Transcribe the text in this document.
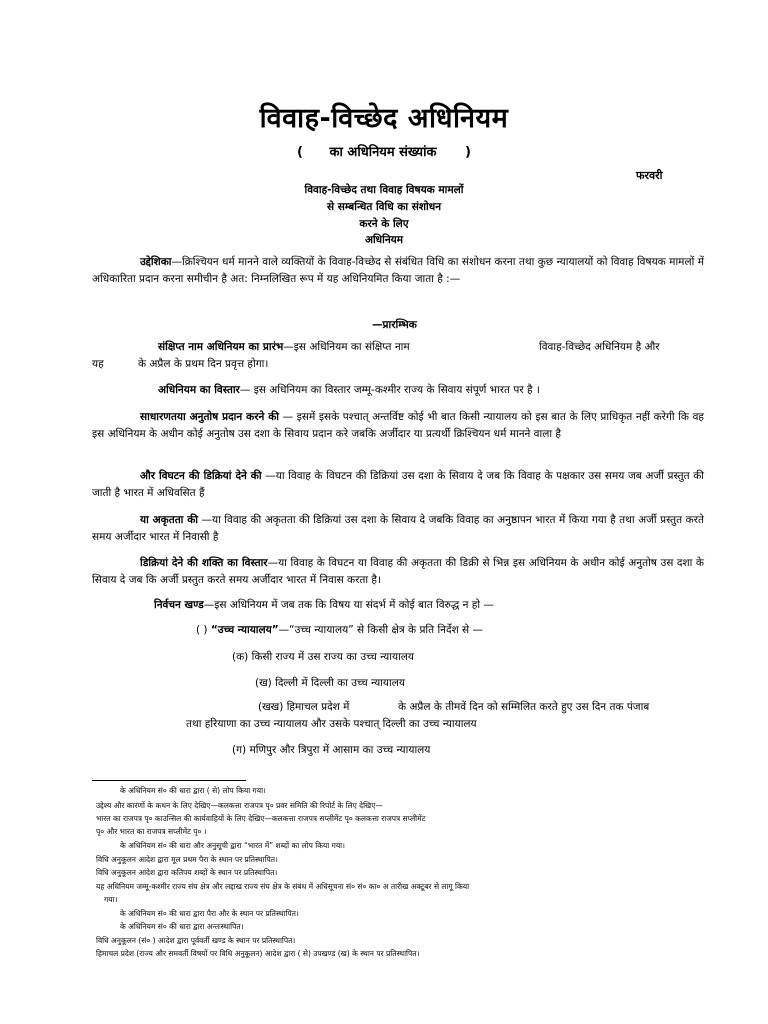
विवाह-विच्छेद अधिनियम
( का अधिनियम संख्यांक )
फरवरी
विवाह-विच्छेद तथा विवाह विषयक मामलों
से सम्बन्धित विधि का संशोधन
करने के लिए
अधिनियम
उद्देशिका—क्रिश्चियन धर्म मानने वाले व्यक्तियों के विवाह-विच्छेद से संबंधित विधि का संशोधन करना तथा कुछ न्यायालयों को विवाह विषयक मामलों में अधिकारिता प्रदान करना समीचीन है अत: निम्नलिखित रूप में यह अधिनियमित किया जाता है :—
—प्रारम्भिक
संक्षिप्त नाम अधिनियम का प्रारंभ—इस अधिनियम का संक्षिप्त नाम	विवाह-विच्छेद अधिनियम है और
यह	के अप्रैल के प्रथम दिन प्रवृत्त होगा।
अधिनियम का विस्तार— इस अधिनियम का विस्तार जम्मू-कश्मीर राज्य के सिवाय संपूर्ण भारत पर है ।
साधारणतया अनुतोष प्रदान करने की — इसमें इसके पश्चात् अन्तर्विष्ट कोई भी बात किसी न्यायालय को इस बात के लिए प्राधिकृत नहीं करेगी कि वह इस अधिनियम के अधीन कोई अनुतोष उस दशा के सिवाय प्रदान करे जबकि अर्जीदार या प्रत्यर्थी क्रिश्चियन धर्म मानने वाला है
और विघटन की डिक्रियां देने की —या विवाह के विघटन की डिक्रियां उस दशा के सिवाय दे जब कि विवाह के पक्षकार उस समय जब अर्जी प्रस्तुत की जाती है भारत में अधिवसित हैं
या अकृतता की —या विवाह की अकृतता की डिक्रियां उस दशा के सिवाय दे जबकि विवाह का अनुष्ठापन भारत में किया गया है तथा अर्जी प्रस्तुत करते समय अर्जीदार भारत में निवासी है
डिक्रियां देने की शक्ति का विस्तार—या विवाह के विघटन या विवाह की अकृतता की डिक्री से भिन्न इस अधिनियम के अधीन कोई अनुतोष उस दशा के सिवाय दे जब कि अर्जी प्रस्तुत करते समय अर्जीदार भारत में निवास करता है।
निर्वचन खण्ड—इस अधिनियम में जब तक कि विषय या संदर्भ में कोई बात विरुद्ध न हो —
( ) “उच्च न्यायालय”—“उच्च न्यायालय” से किसी क्षेत्र के प्रति निर्देश से —
(क) किसी राज्य में उस राज्य का उच्च न्यायालय
(ख) दिल्ली में दिल्ली का उच्च न्यायालय
(खख) हिमाचल प्रदेश में	के अप्रैल के तीमवें दिन को सम्मिलित करते हुए उस दिन तक पंजाब
तथा हरियाणा का उच्च न्यायालय और उसके पश्चात् दिल्ली का उच्च न्यायालय
(ग) मणिपुर और त्रिपुरा में आसाम का उच्च न्यायालय
के अधिनियम सं० की धारा द्वारा ( से) लोप किया गया।
उद्देश्य और कारणों के कथन के लिए देखिए—कलकत्ता राजपत्र पृ० प्रवर समिति की रिपोर्ट के लिए देखिए—
भारत का राजपत्र पृ० काउन्सिल की कार्यवाहियों के लिए देखिए—कलकत्ता राजपत्र सप्लीमेंट पृ० कलकत्ता राजपत्र सप्लीमेंट
पृ० और भारत का राजपत्र सप्लीमेंट पृ० ।
के अधिनियम सं० की धारा और अनुसूची द्वारा “भारत में” शब्दों का लोप किया गया।
विधि अनुकूलन आदेश द्वारा मूल प्रथम पैरा के स्थान पर प्रतिस्थापित।
विधि अनुकूलन आदेश द्वारा कतिपय शब्दों के स्थान पर प्रतिस्थापित।
यह अधिनियम जम्मू-कश्मीर राज्य संघ क्षेत्र और लद्दाख राज्य संघ क्षेत्र के संबंध में अधिसूचना सं० सं० का० अ तारीख अक्टूबर से लागू किया
गया।
के अधिनियम सं० की धारा द्वारा पैरा और के स्थान पर प्रतिस्थापित।
के अधिनियम सं० की धारा द्वारा अन्तःस्थापित।
विधि अनुकूलन (सं० ) आदेश द्वारा पूर्ववर्ती खण्ड के स्थान पर प्रतिस्थापित।
हिमाचल प्रदेश (राज्य और समवर्ती विषयों पर विधि अनुकूलन) आदेश द्वारा ( से) उपखण्ड (ख) के स्थान पर प्रतिस्थापित।
